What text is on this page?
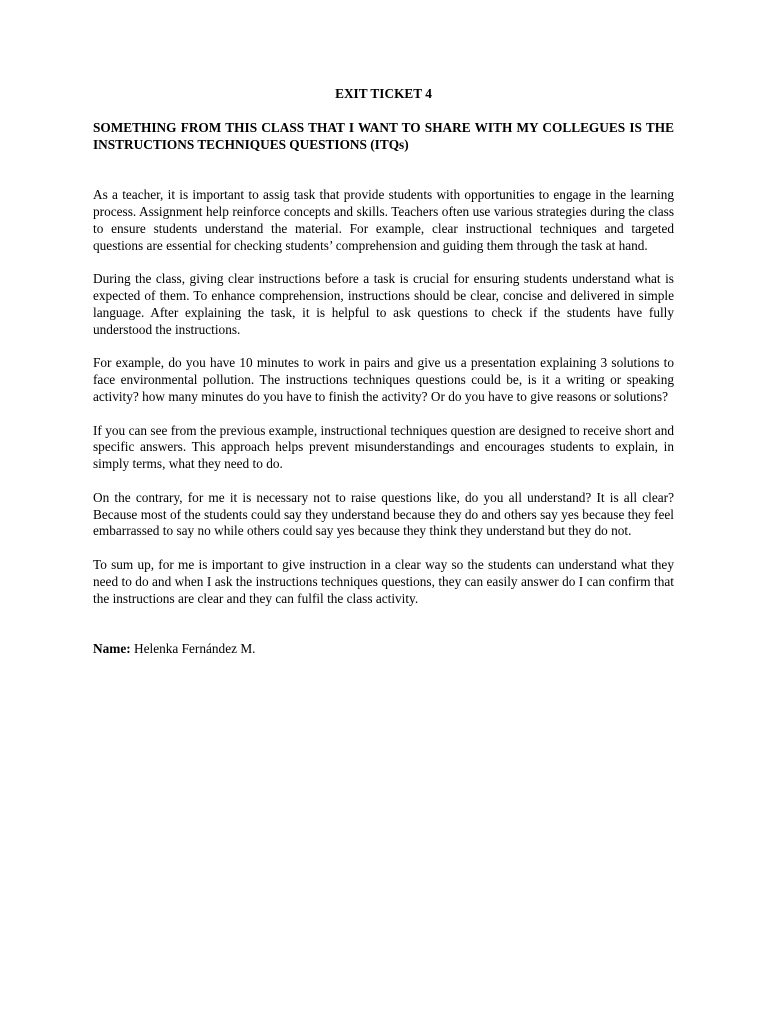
EXIT TICKET 4
SOMETHING FROM THIS CLASS THAT I WANT TO SHARE WITH MY COLLEGUES IS THE INSTRUCTIONS TECHNIQUES QUESTIONS (ITQs)
As a teacher, it is important to assig task that provide students with opportunities to engage in the learning process. Assignment help reinforce concepts and skills. Teachers often use various strategies during the class to ensure students understand the material. For example, clear instructional techniques and targeted questions are essential for checking students’ comprehension and guiding them through the task at hand.
During the class, giving clear instructions before a task is crucial for ensuring students understand what is expected of them. To enhance comprehension, instructions should be clear, concise and delivered in simple language. After explaining the task, it is helpful to ask questions to check if the students have fully understood the instructions.
For example, do you have 10 minutes to work in pairs and give us a presentation explaining 3 solutions to face environmental pollution. The instructions techniques questions could be, is it a writing or speaking activity? how many minutes do you have to finish the activity? Or do you have to give reasons or solutions?
If you can see from the previous example, instructional techniques question are designed to receive short and specific answers. This approach helps prevent misunderstandings and encourages students to explain, in simply terms, what they need to do.
On the contrary, for me it is necessary not to raise questions like, do you all understand? It is all clear? Because most of the students could say they understand because they do and others say yes because they feel embarrassed to say no while others could say yes because they think they understand but they do not.
To sum up, for me is important to give instruction in a clear way so the students can understand what they need to do and when I ask the instructions techniques questions, they can easily answer do I can confirm that the instructions are clear and they can fulfil the class activity.
Name: Helenka Fernández M.
